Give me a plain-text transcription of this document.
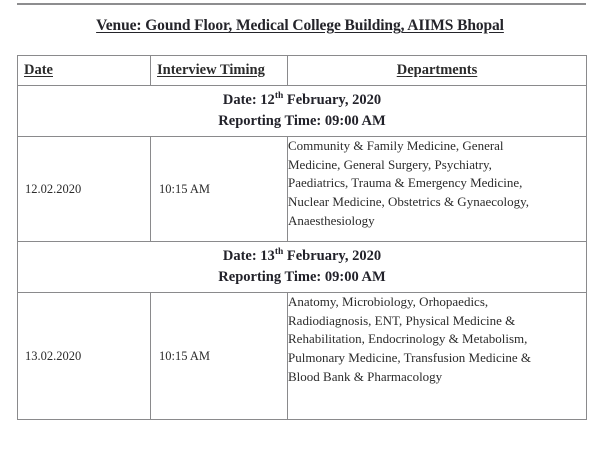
Venue: Gound Floor, Medical College Building, AIIMS Bhopal
Date	Interview Timing	Departments

Date: 12th February, 2020
Reporting Time: 09:00 AM		

12.02.2020	10:15 AM	Community & Family Medicine, General
Medicine, General Surgery, Psychiatry,
Paediatrics, Trauma & Emergency Medicine,
Nuclear Medicine, Obstetrics & Gynaecology,
Anaesthesiology

Date: 13th February, 2020
Reporting Time: 09:00 AM		

13.02.2020	10:15 AM	Anatomy, Microbiology, Orhopaedics,
Radiodiagnosis, ENT, Physical Medicine &
Rehabilitation, Endocrinology & Metabolism,
Pulmonary Medicine, Transfusion Medicine &
Blood Bank & Pharmacology
